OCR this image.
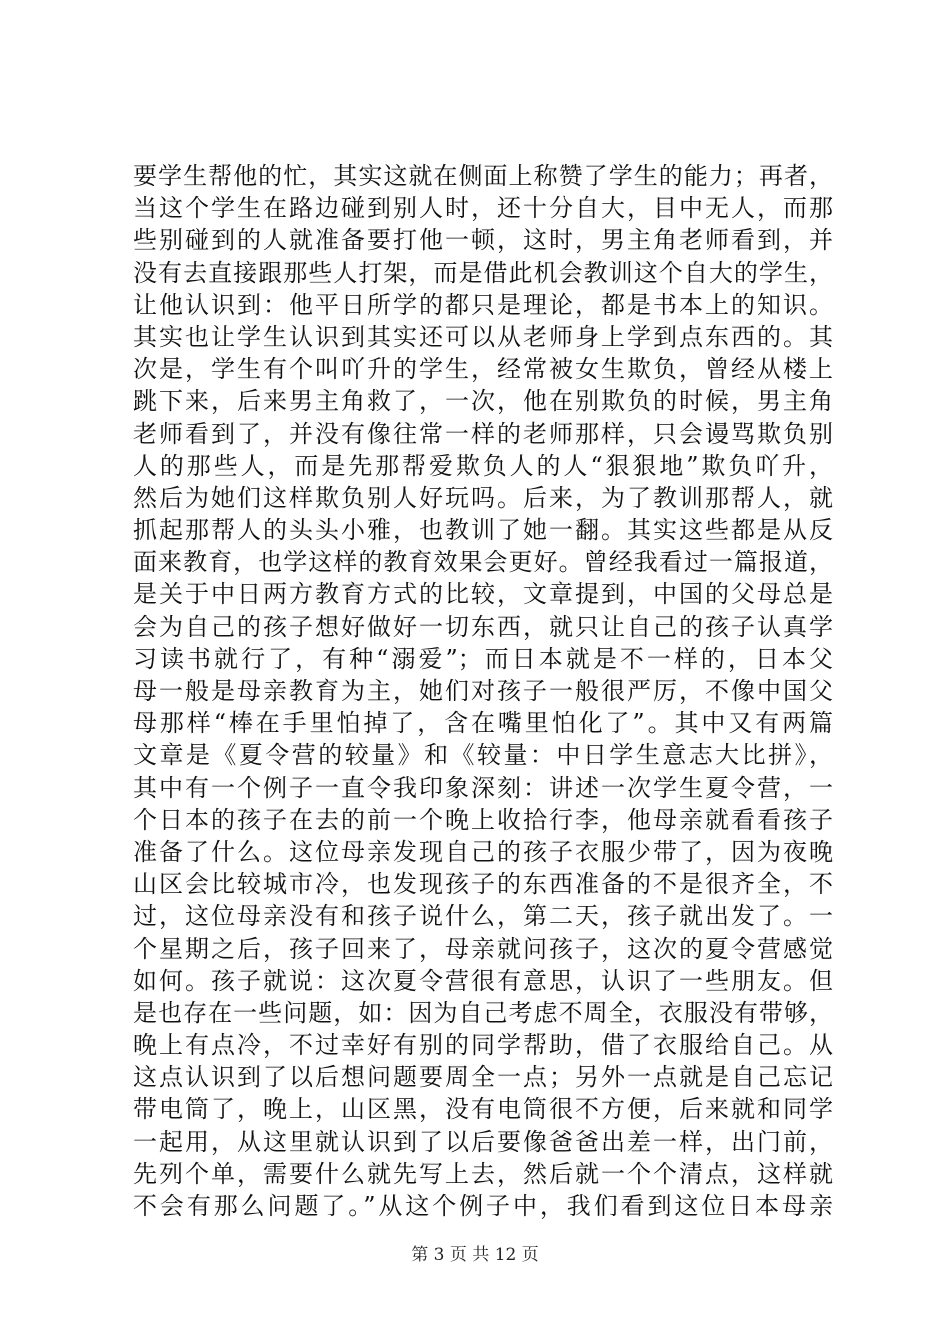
要学生帮他的忙，其实这就在侧面上称赞了学生的能力；再者，
当这个学生在路边碰到别人时，还十分自大，目中无人，而那
些别碰到的人就准备要打他一顿，这时，男主角老师看到，并
没有去直接跟那些人打架，而是借此机会教训这个自大的学生，
让他认识到：他平日所学的都只是理论，都是书本上的知识。
其实也让学生认识到其实还可以从老师身上学到点东西的。其
次是，学生有个叫吖升的学生，经常被女生欺负，曾经从楼上
跳下来，后来男主角救了，一次，他在别欺负的时候，男主角
老师看到了，并没有像往常一样的老师那样，只会谩骂欺负别
人的那些人，而是先那帮爱欺负人的人“狠狠地”欺负吖升，
然后为她们这样欺负别人好玩吗。后来，为了教训那帮人，就
抓起那帮人的头头小雅，也教训了她一翻。其实这些都是从反
面来教育，也学这样的教育效果会更好。曾经我看过一篇报道，
是关于中日两方教育方式的比较，文章提到，中国的父母总是
会为自己的孩子想好做好一切东西，就只让自己的孩子认真学
习读书就行了，有种“溺爱”；而日本就是不一样的，日本父
母一般是母亲教育为主，她们对孩子一般很严厉，不像中国父
母那样“棒在手里怕掉了，含在嘴里怕化了”。其中又有两篇
文章是《夏令营的较量》和《较量：中日学生意志大比拼》，
其中有一个例子一直令我印象深刻：讲述一次学生夏令营，一
个日本的孩子在去的前一个晚上收拾行李，他母亲就看看孩子
准备了什么。这位母亲发现自己的孩子衣服少带了，因为夜晚
山区会比较城市冷，也发现孩子的东西准备的不是很齐全，不
过，这位母亲没有和孩子说什么，第二天，孩子就出发了。一
个星期之后，孩子回来了，母亲就问孩子，这次的夏令营感觉
如何。孩子就说：这次夏令营很有意思，认识了一些朋友。但
是也存在一些问题，如：因为自己考虑不周全，衣服没有带够，
晚上有点冷，不过幸好有别的同学帮助，借了衣服给自己。从
这点认识到了以后想问题要周全一点；另外一点就是自己忘记
带电筒了，晚上，山区黑，没有电筒很不方便，后来就和同学
一起用，从这里就认识到了以后要像爸爸出差一样，出门前，
先列个单，需要什么就先写上去，然后就一个个清点，这样就
不会有那么问题了。”从这个例子中，我们看到这位日本母亲
第 3 页 共 12 页
